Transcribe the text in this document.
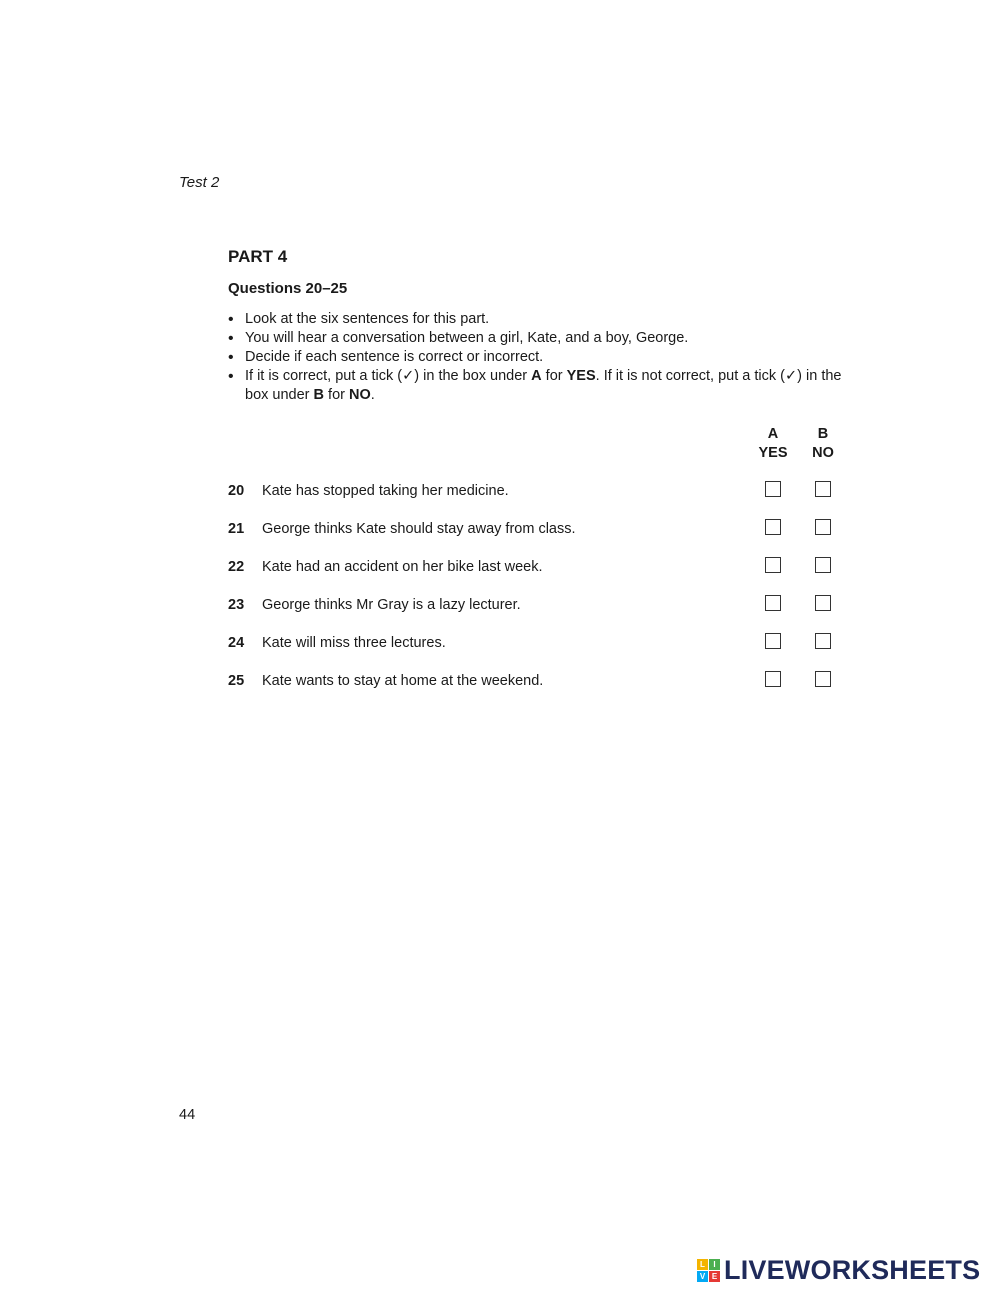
Test 2
PART 4
Questions 20–25
• Look at the six sentences for this part.
• You will hear a conversation between a girl, Kate, and a boy, George.
• Decide if each sentence is correct or incorrect.
• If it is correct, put a tick (✓) in the box under A for YES. If it is not correct, put a tick (✓) in the box under B for NO.
A
YES
B
NO
20 Kate has stopped taking her medicine.
21 George thinks Kate should stay away from class.
22 Kate had an accident on her bike last week.
23 George thinks Mr Gray is a lazy lecturer.
24 Kate will miss three lectures.
25 Kate wants to stay at home at the weekend.
44
L	I
V E LIVEWORKSHEETS
